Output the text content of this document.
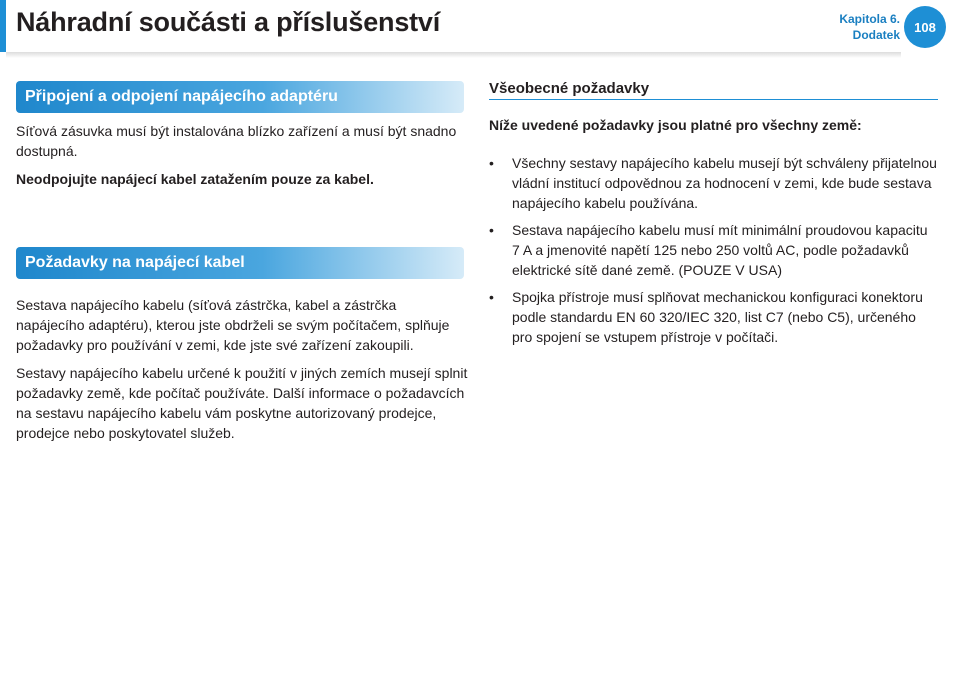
Náhradní součásti a příslušenství	Kapitola 6.
Dodatek
108
Připojení a odpojení napájecího adaptéru

Síťová zásuvka musí být instalována blízko zařízení a musí být snadno dostupná.

Neodpojujte napájecí kabel zatažením pouze za kabel.

Požadavky na napájecí kabel

Sestava napájecího kabelu (síťová zástrčka, kabel a zástrčka napájecího adaptéru), kterou jste obdrželi se svým počítačem, splňuje požadavky pro používání v zemi, kde jste své zařízení zakoupili.

Sestavy napájecího kabelu určené k použití v jiných zemích musejí splnit požadavky země, kde počítač používáte. Další informace o požadavcích na sestavu napájecího kabelu vám poskytne autorizovaný prodejce, prodejce nebo poskytovatel služeb.

Všeobecné požadavky

Níže uvedené požadavky jsou platné pro všechny země:

• Všechny sestavy napájecího kabelu musejí být schváleny přijatelnou vládní institucí odpovědnou za hodnocení v zemi, kde bude sestava napájecího kabelu používána.
• Sestava napájecího kabelu musí mít minimální proudovou kapacitu 7 A a jmenovité napětí 125 nebo 250 voltů AC, podle požadavků elektrické sítě dané země. (POUZE V USA)
• Spojka přístroje musí splňovat mechanickou konfiguraci konektoru podle standardu EN 60 320/IEC 320, list C7 (nebo C5), určeného pro spojení se vstupem přístroje v počítači.
